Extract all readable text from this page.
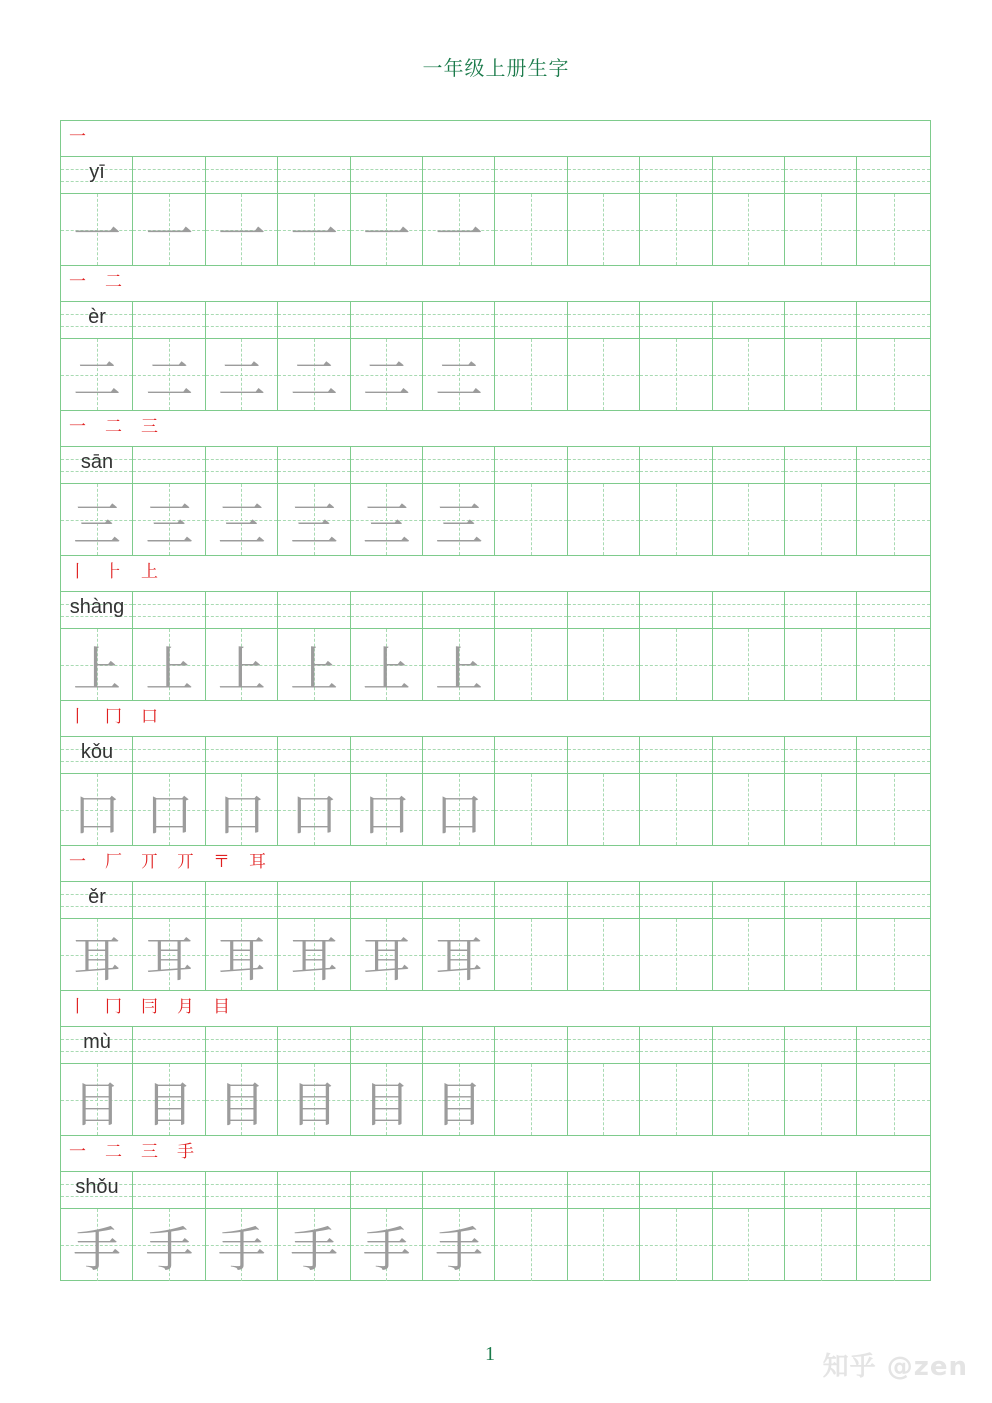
一年级上册生字
一
yī
一 一 一 一 一 一
一 二
èr
二 二 二 二 二 二
一 二 三
sān
三 三 三 三 三 三
丨 ⺊ 上
shàng
上 上 上 上 上 上
丨 冂 口
kǒu
口 口 口 口 口 口
一 厂 丌 丌 〒 耳
ěr
耳 耳 耳 耳 耳 耳
丨 冂 冃 月 目
mù
目 目 目 目 目 目
一 二 三 手
shǒu
手 手 手 手 手 手
1	知乎 @zen
